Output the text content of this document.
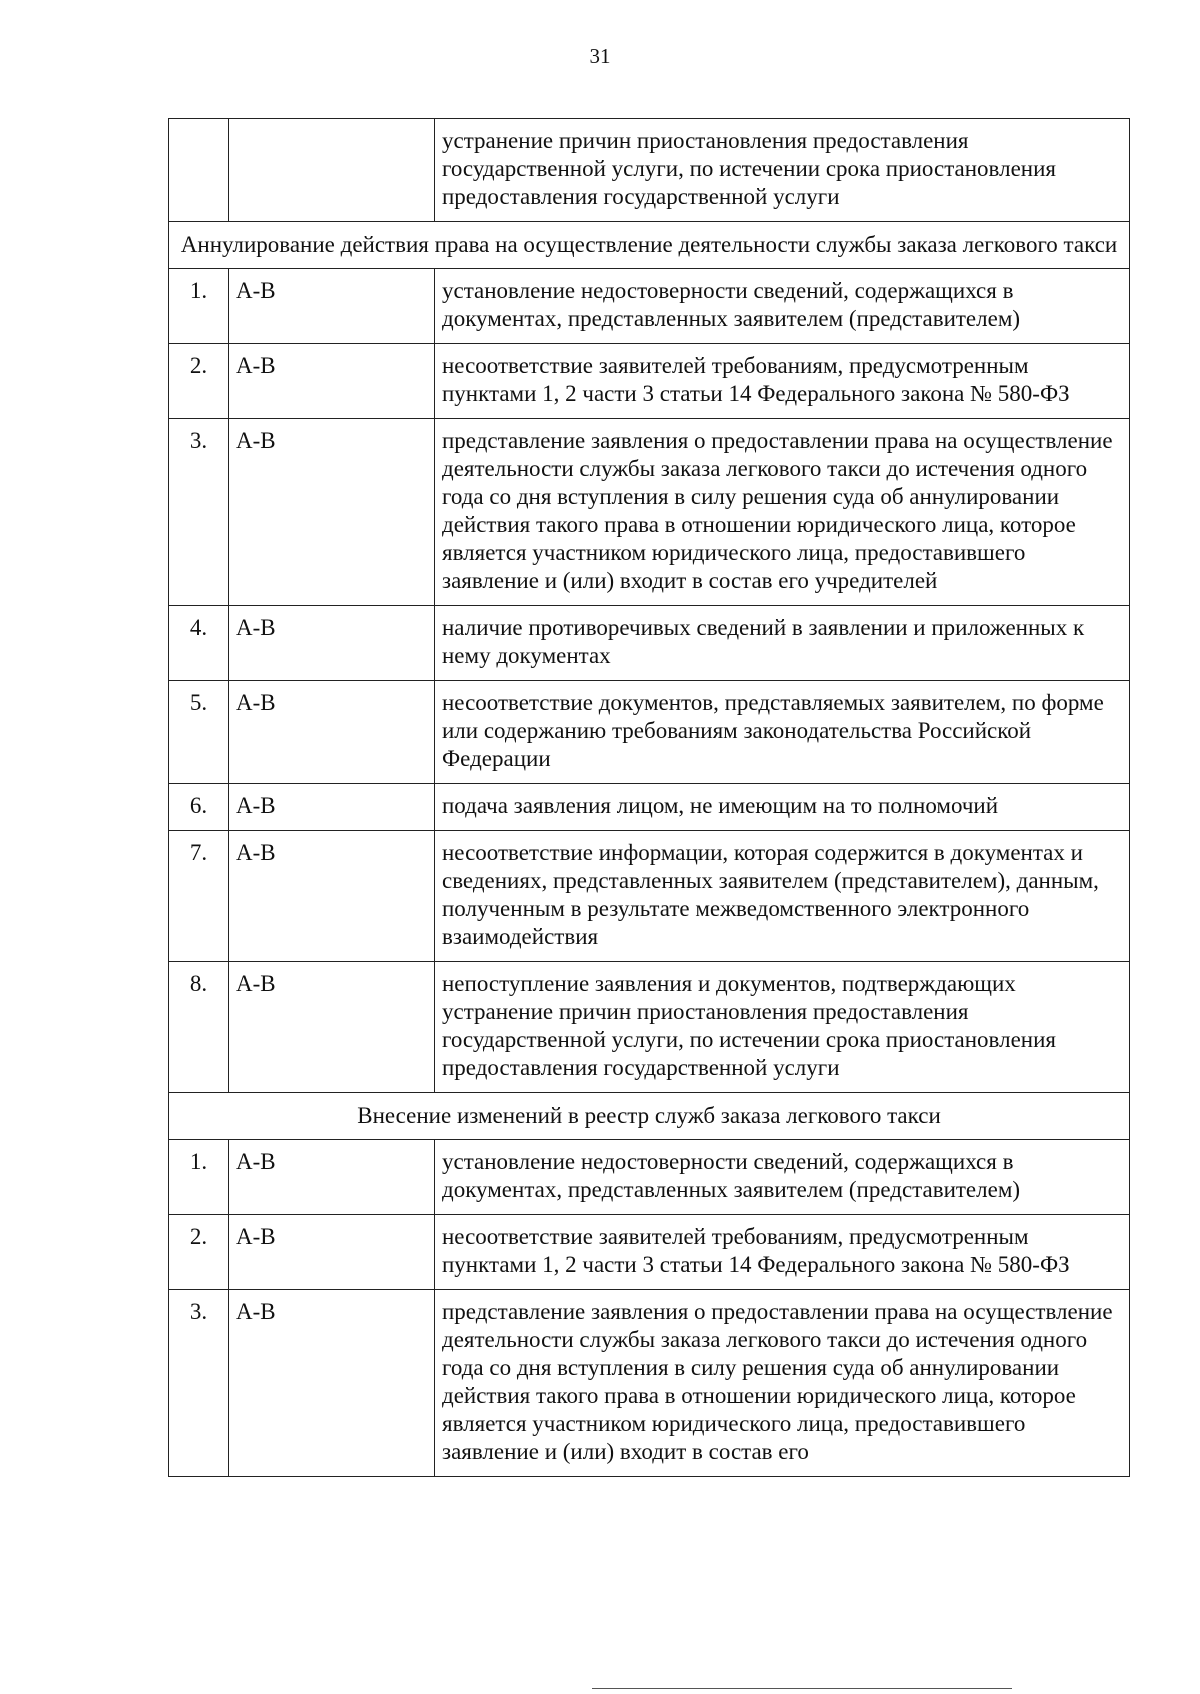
31
		устранение причин приостановления предоставления государственной услуги, по истечении срока приостановления предоставления государственной услуги
Аннулирование действия права на осуществление деятельности службы заказа легкового такси		
1.	А-В	установление недостоверности сведений, содержащихся в документах, представленных заявителем (представителем)
2.	А-В	несоответствие заявителей требованиям, предусмотренным пунктами 1, 2 части 3 статьи 14 Федерального закона № 580-ФЗ
3.	А-В	представление заявления о предоставлении права на осуществление деятельности службы заказа легкового такси до истечения одного года со дня вступления в силу решения суда об аннулировании действия такого права в отношении юридического лица, которое является участником юридического лица, предоставившего заявление и (или) входит в состав его учредителей
4.	А-В	наличие противоречивых сведений в заявлении и приложенных к нему документах
5.	А-В	несоответствие документов, представляемых заявителем, по форме или содержанию требованиям законодательства Российской Федерации
6.	А-В	подача заявления лицом, не имеющим на то полномочий
7.	А-В	несоответствие информации, которая содержится в документах и сведениях, представленных заявителем (представителем), данным, полученным в результате межведомственного электронного взаимодействия
8.	А-В	непоступление заявления и документов, подтверждающих устранение причин приостановления предоставления государственной услуги, по истечении срока приостановления предоставления государственной услуги
Внесение изменений в реестр служб заказа легкового такси		
1.	А-В	установление недостоверности сведений, содержащихся в документах, представленных заявителем (представителем)
2.	А-В	несоответствие заявителей требованиям, предусмотренным пунктами 1, 2 части 3 статьи 14 Федерального закона № 580-ФЗ
3.	А-В	представление заявления о предоставлении права на осуществление деятельности службы заказа легкового такси до истечения одного года со дня вступления в силу решения суда об аннулировании действия такого права в отношении юридического лица, которое является участником юридического лица, предоставившего заявление и (или) входит в состав его
